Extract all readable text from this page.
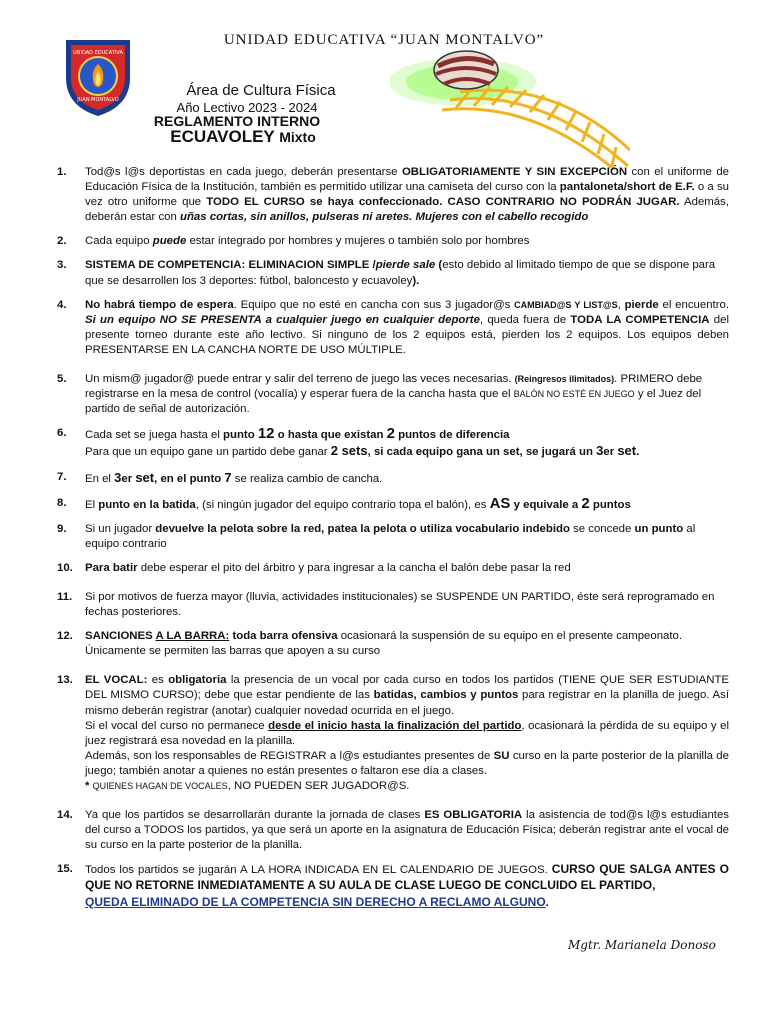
UNIDAD EDUCATIVA “JUAN MONTALVO”
UNIDAD EDUCATIVA
JUAN MONTALVO
Área de Cultura Física
Año Lectivo 2023 - 2024
REGLAMENTO INTERNO
ECUAVOLEY Mixto
1. Tod@s l@s deportistas en cada juego, deberán presentarse OBLIGATORIAMENTE Y SIN EXCEPCIÓN con el uniforme de Educación Física de la Institución, también es permitido utilizar una camiseta del curso con la pantaloneta/short de E.F. o a su vez otro uniforme que TODO EL CURSO se haya confeccionado. CASO CONTRARIO NO PODRÁN JUGAR. Además, deberán estar con uñas cortas, sin anillos, pulseras ni aretes. Mujeres con el cabello recogido
2. Cada equipo puede estar integrado por hombres y mujeres o también solo por hombres
3. SISTEMA DE COMPETENCIA: ELIMINACION SIMPLE /pierde sale (esto debido al limitado tiempo de que se dispone para que se desarrollen los 3 deportes: fútbol, baloncesto y ecuavoley).
4. No habrá tiempo de espera. Equipo que no esté en cancha con sus 3 jugador@s CAMBIAD@S Y LIST@S, pierde el encuentro. Si un equipo NO SE PRESENTA a cualquier juego en cualquier deporte, queda fuera de TODA LA COMPETENCIA del presente torneo durante este año lectivo. Si ninguno de los 2 equipos está, pierden los 2 equipos. Los equipos deben PRESENTARSE EN LA CANCHA NORTE DE USO MÚLTIPLE.
5. Un mism@ jugador@ puede entrar y salir del terreno de juego las veces necesarias. (Reingresos ilimitados). PRIMERO debe registrarse en la mesa de control (vocalía) y esperar fuera de la cancha hasta que el BALÓN NO ESTÉ EN JUEGO y el Juez del partido de señal de autorización.
6. Cada set se juega hasta el punto 12 o hasta que existan 2 puntos de diferencia
Para que un equipo gane un partido debe ganar 2 sets, si cada equipo gana un set, se jugará un 3er set.
7. En el 3er set, en el punto 7 se realiza cambio de cancha.
8. El punto en la batida, (si ningún jugador del equipo contrario topa el balón), es AS y equivale a 2 puntos
9. Si un jugador devuelve la pelota sobre la red, patea la pelota o utiliza vocabulario indebido se concede un punto al equipo contrario
10. Para batir debe esperar el pito del árbitro y para ingresar a la cancha el balón debe pasar la red
11. Si por motivos de fuerza mayor (lluvia, actividades institucionales) se SUSPENDE UN PARTIDO, éste será reprogramado en fechas posteriores.
12. SANCIONES A LA BARRA: toda barra ofensiva ocasionará la suspensión de su equipo en el presente campeonato. Únicamente se permiten las barras que apoyen a su curso
13. EL VOCAL: es obligatoria la presencia de un vocal por cada curso en todos los partidos (TIENE QUE SER ESTUDIANTE DEL MISMO CURSO); debe que estar pendiente de las batidas, cambios y puntos para registrar en la planilla de juego. Así mismo deberán registrar (anotar) cualquier novedad ocurrida en el juego.
Si el vocal del curso no permanece desde el inicio hasta la finalización del partido, ocasionará la pérdida de su equipo y el juez registrará esa novedad en la planilla.
Además, son los responsables de REGISTRAR a l@s estudiantes presentes de SU curso en la parte posterior de la planilla de juego; también anotar a quienes no están presentes o faltaron ese día a clases.
* QUIENES HAGAN DE VOCALES, NO PUEDEN SER JUGADOR@S.
14. Ya que los partidos se desarrollarán durante la jornada de clases ES OBLIGATORIA la asistencia de tod@s l@s estudiantes del curso a TODOS los partidos, ya que será un aporte en la asignatura de Educación Física; deberán registrar ante el vocal de su curso en la parte posterior de la planilla.
15. Todos los partidos se jugarán A LA HORA INDICADA EN EL CALENDARIO DE JUEGOS. CURSO QUE SALGA ANTES O QUE NO RETORNE INMEDIATAMENTE A SU AULA DE CLASE LUEGO DE CONCLUIDO EL PARTIDO,
QUEDA ELIMINADO DE LA COMPETENCIA SIN DERECHO A RECLAMO ALGUNO.
Mgtr. Marianela Donoso
